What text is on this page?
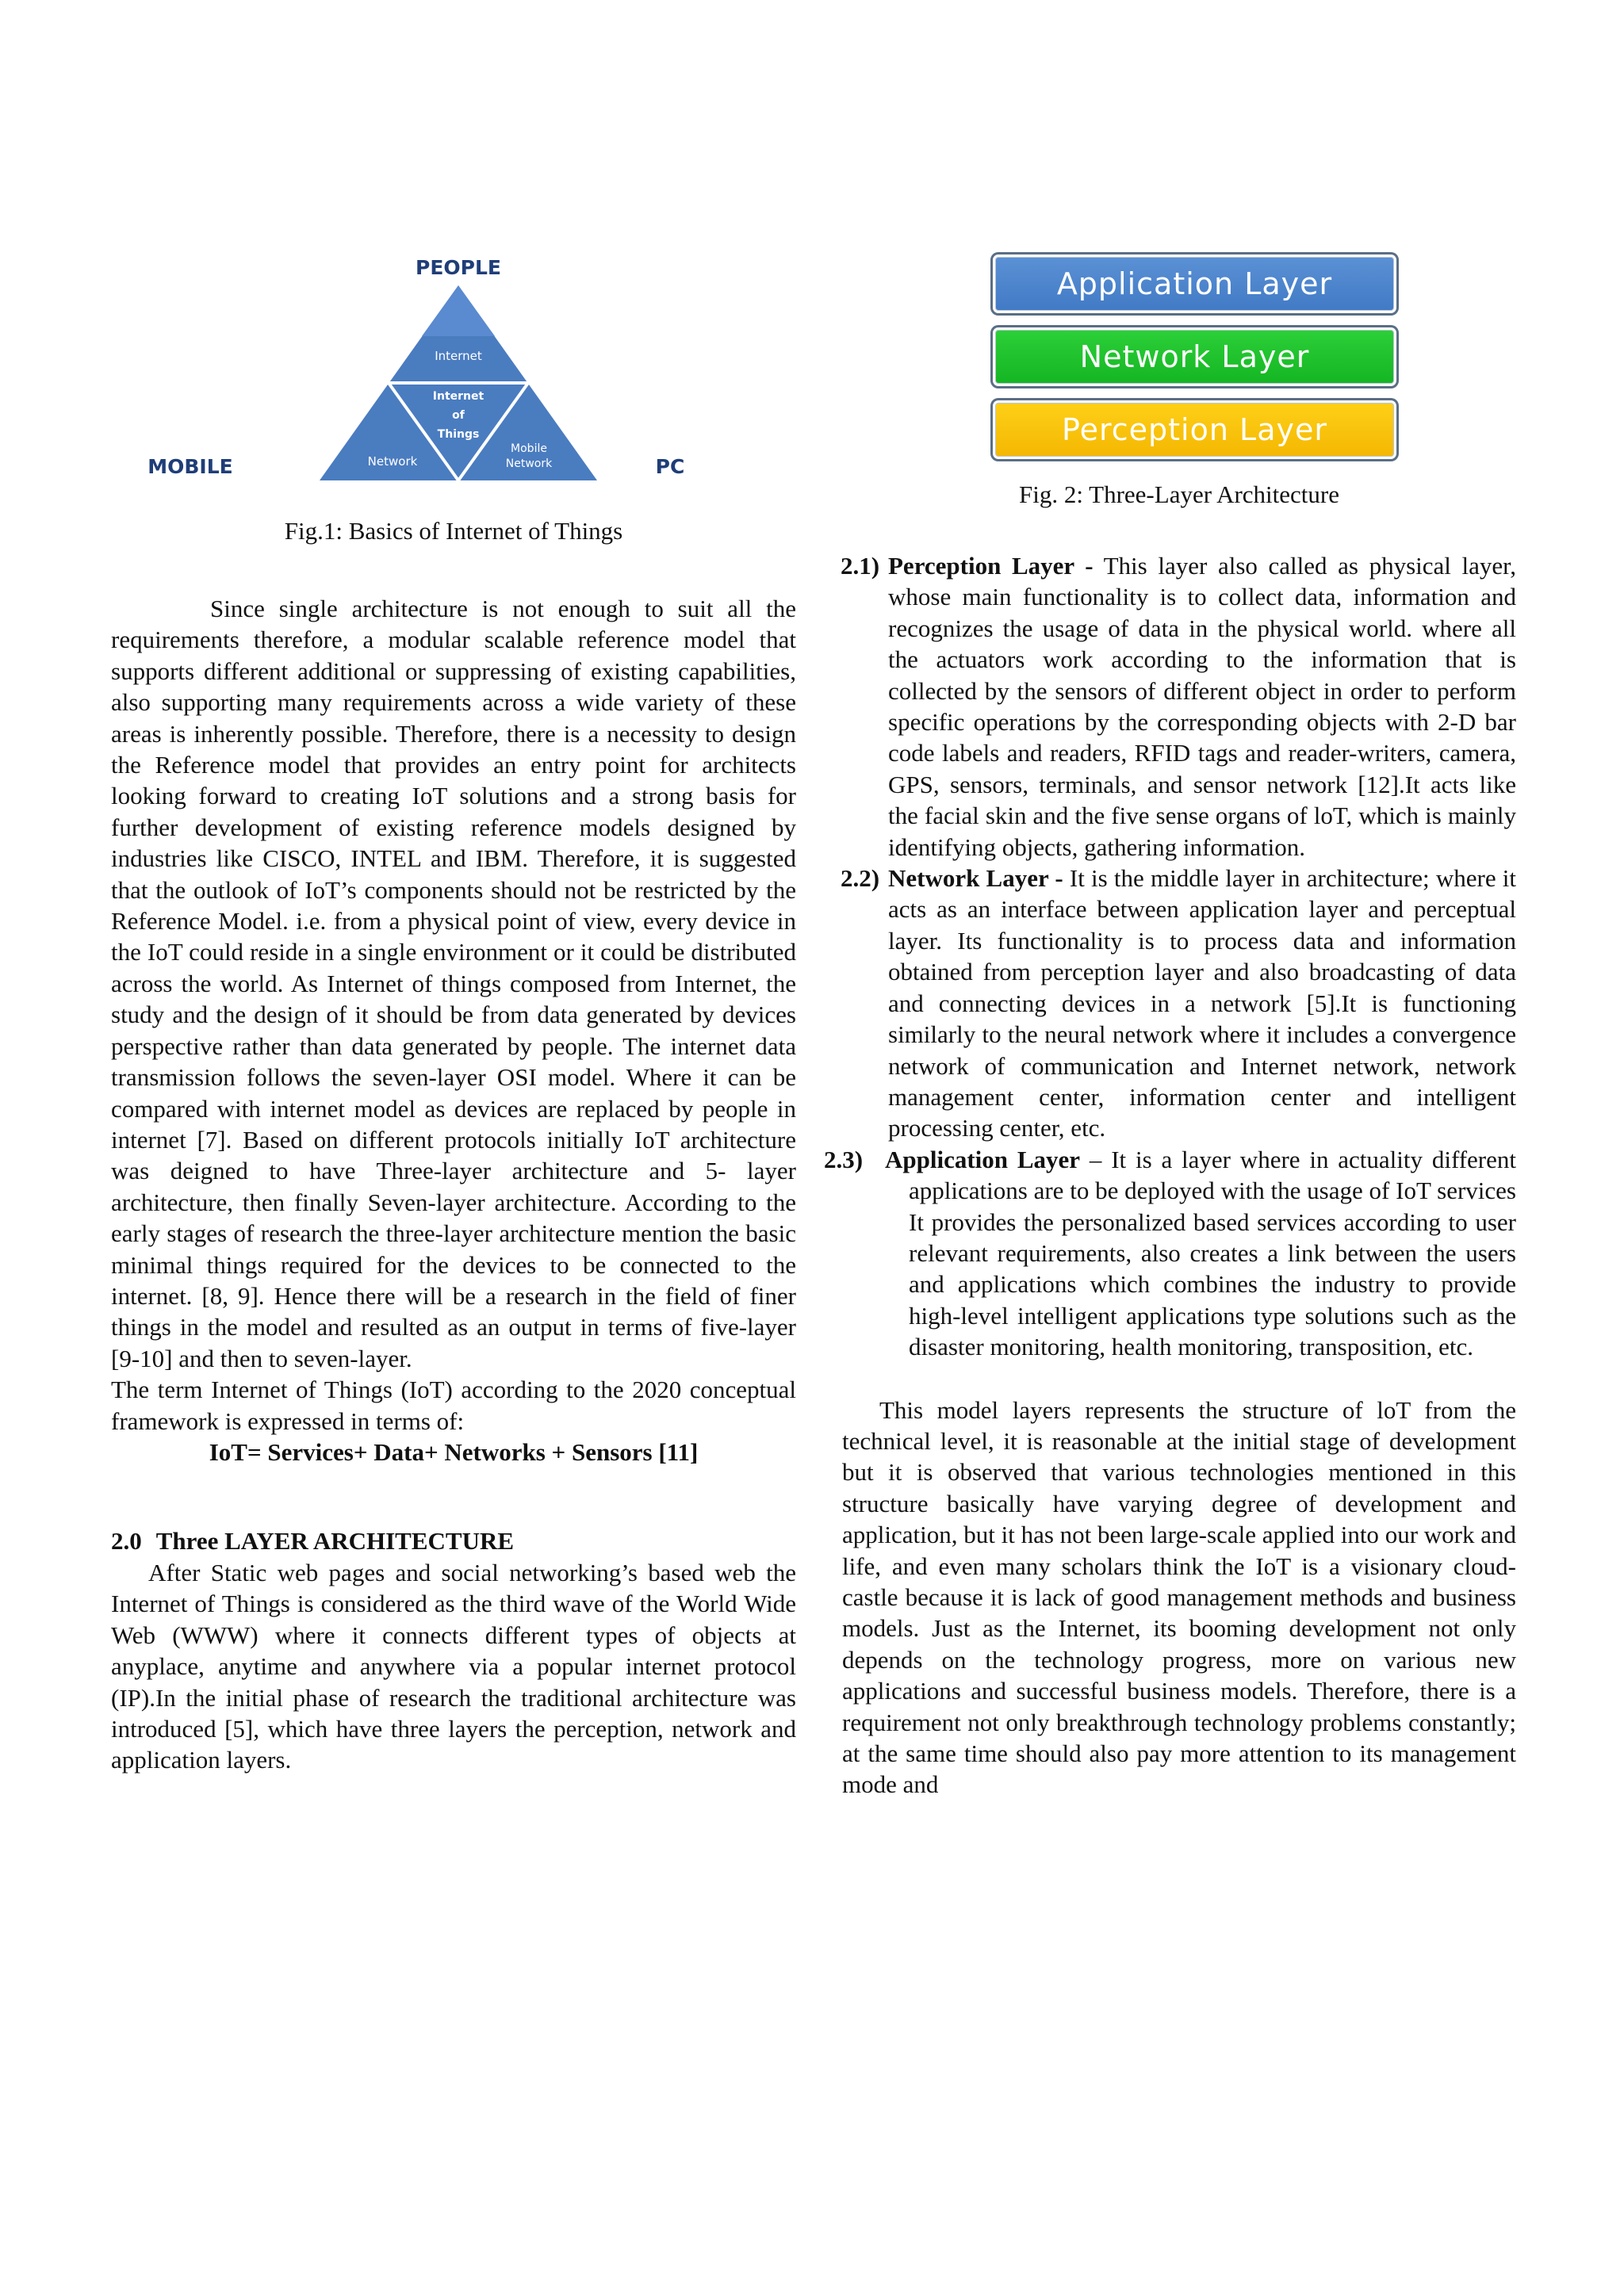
PEOPLE
MOBILE	PC
Internet
Internet
of
Things
Network
Mobile
Network
Fig.1: Basics of Internet of Things

Since single architecture is not enough to suit all the requirements therefore, a modular scalable reference model that supports different additional or suppressing of existing capabilities, also supporting many requirements across a wide variety of these areas is inherently possible. Therefore, there is a necessity to design the Reference model that provides an entry point for architects looking forward to creating IoT solutions and a strong basis for further development of existing reference models designed by industries like CISCO, INTEL and IBM. Therefore, it is suggested that the outlook of IoT’s components should not be restricted by the Reference Model. i.e. from a physical point of view, every device in the IoT could reside in a single environment or it could be distributed across the world. As Internet of things composed from Internet, the study and the design of it should be from data generated by devices perspective rather than data generated by people. The internet data transmission follows the seven-layer OSI model. Where it can be compared with internet model as devices are replaced by people in internet [7]. Based on different protocols initially IoT architecture was deigned to have Three-layer architecture and 5- layer architecture, then finally Seven-layer architecture. According to the early stages of research the three-layer architecture mention the basic minimal things required for the devices to be connected to the internet. [8, 9]. Hence there will be a research in the field of finer things in the model and resulted as an output in terms of five-layer [9-10] and then to seven-layer.

The term Internet of Things (IoT) according to the 2020 conceptual framework is expressed in terms of:

IoT= Services+ Data+ Networks + Sensors [11]
2.0 Three LAYER ARCHITECTURE

After Static web pages and social networking’s based web the Internet of Things is considered as the third wave of the World Wide Web (WWW) where it connects different types of objects at anyplace, anytime and anywhere via a popular internet protocol (IP).In the initial phase of research the traditional architecture was introduced [5], which have three layers the perception, network and application layers.

Application Layer
Network Layer
Perception Layer
Fig. 2: Three-Layer Architecture
2.1) Perception Layer - This layer also called as physical layer, whose main functionality is to collect data, information and recognizes the usage of data in the physical world. where all the actuators work according to the information that is collected by the sensors of different object in order to perform specific operations by the corresponding objects with 2-D bar code labels and readers, RFID tags and reader-writers, camera, GPS, sensors, terminals, and sensor network [12].It acts like the facial skin and the five sense organs of loT, which is mainly identifying objects, gathering information.

2.2) Network Layer - It is the middle layer in architecture; where it acts as an interface between application layer and perceptual layer. Its functionality is to process data and information obtained from perception layer and also broadcasting of data and connecting devices in a network [5].It is functioning similarly to the neural network where it includes a convergence network of communication and Internet network, network management center, information center and intelligent processing center, etc.

2.3) Application Layer – It is a layer where in actuality different applications are to be deployed with the usage of IoT services It provides the personalized based services according to user relevant requirements, also creates a link between the users and applications which combines the industry to provide high-level intelligent applications type solutions such as the disaster monitoring, health monitoring, transposition, etc.

This model layers represents the structure of loT from the technical level, it is reasonable at the initial stage of development but it is observed that various technologies mentioned in this structure basically have varying degree of development and application, but it has not been large-scale applied into our work and life, and even many scholars think the IoT is a visionary cloud-castle because it is lack of good management methods and business models. Just as the Internet, its booming development not only depends on the technology progress, more on various new applications and successful business models. Therefore, there is a requirement not only breakthrough technology problems constantly; at the same time should also pay more attention to its management mode and
